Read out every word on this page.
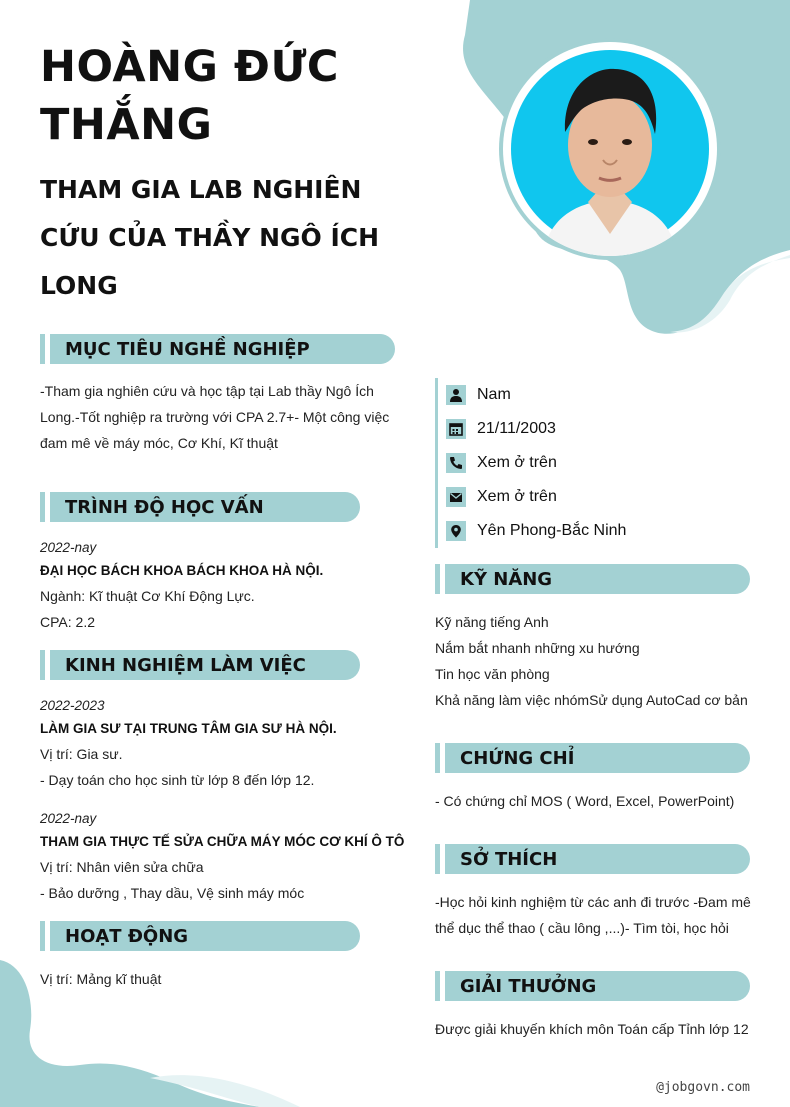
HOÀNG ĐỨC THẮNG
THAM GIA LAB NGHIÊN CỨU CỦA THẦY NGÔ ÍCH LONG
MỤC TIÊU NGHỀ NGHIỆP

-Tham gia nghiên cứu và học tập tại Lab thầy Ngô Ích Long.-Tốt nghiệp ra trường với CPA 2.7+- Một công việc đam mê về máy móc, Cơ Khí, Kĩ thuật

TRÌNH ĐỘ HỌC VẤN
2022-nay
ĐẠI HỌC BÁCH KHOA BÁCH KHOA HÀ NỘI.
Ngành: Kĩ thuật Cơ Khí Động Lực.
CPA: 2.2
KINH NGHIỆM LÀM VIỆC
2022-2023
LÀM GIA SƯ TẠI TRUNG TÂM GIA SƯ HÀ NỘI.
Vị trí: Gia sư.
- Dạy toán cho học sinh từ lớp 8 đến lớp 12.
2022-nay
THAM GIA THỰC TẾ SỬA CHỮA MÁY MÓC CƠ KHÍ Ô TÔ
Vị trí: Nhân viên sửa chữa
- Bảo dưỡng , Thay dầu, Vệ sinh máy móc
HOẠT ĐỘNG
Vị trí: Mảng kĩ thuật
Nam
21/11/2003
Xem ở trên
Xem ở trên
Yên Phong-Bắc Ninh
KỸ NĂNG
Kỹ năng tiếng Anh
Nắm bắt nhanh những xu hướng
Tin học văn phòng
Khả năng làm việc nhómSử dụng AutoCad cơ bản
CHỨNG CHỈ
- Có chứng chỉ MOS ( Word, Excel, PowerPoint)
SỞ THÍCH

-Học hỏi kinh nghiệm từ các anh đi trước -Đam mê thể dục thể thao ( cầu lông ,...)- Tìm tòi, học hỏi

GIẢI THƯỞNG
Được giải khuyến khích môn Toán cấp Tỉnh lớp 12
@jobgovn.com
